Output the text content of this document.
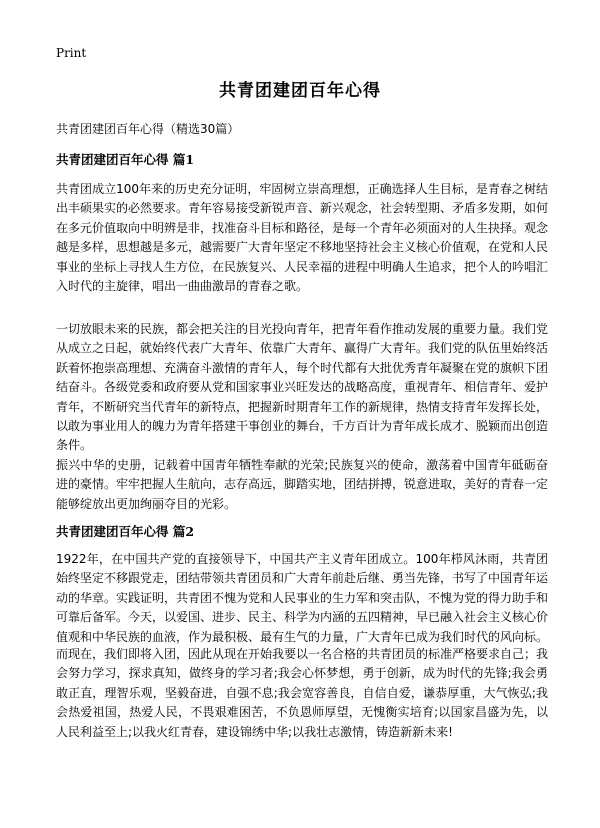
Print
共青团建团百年心得
共青团建团百年心得（精选30篇）
共青团建团百年心得 篇1

共青团成立100年来的历史充分证明，牢固树立崇高理想，正确选择人生目标，是青春之树结出丰硕果实的必然要求。青年容易接受新锐声音、新兴观念，社会转型期、矛盾多发期，如何在多元价值取向中明辨是非，找准奋斗目标和路径，是每一个青年必须面对的人生抉择。观念越是多样，思想越是多元，越需要广大青年坚定不移地坚持社会主义核心价值观，在党和人民事业的坐标上寻找人生方位，在民族复兴、人民幸福的进程中明确人生追求，把个人的吟唱汇入时代的主旋律，唱出一曲曲激昂的青春之歌。

一切放眼未来的民族，都会把关注的目光投向青年，把青年看作推动发展的重要力量。我们党从成立之日起，就始终代表广大青年、依靠广大青年、赢得广大青年。我们党的队伍里始终活跃着怀抱崇高理想、充满奋斗激情的青年人，每个时代都有大批优秀青年凝聚在党的旗帜下团结奋斗。各级党委和政府要从党和国家事业兴旺发达的战略高度，重视青年、相信青年、爱护青年，不断研究当代青年的新特点，把握新时期青年工作的新规律，热情支持青年发挥长处，以敢为事业用人的魄力为青年搭建干事创业的舞台，千方百计为青年成长成才、脱颖而出创造条件。

振兴中华的史册，记载着中国青年牺牲奉献的光荣;民族复兴的使命，激荡着中国青年砥砺奋进的豪情。牢牢把握人生航向，志存高远，脚踏实地，团结拼搏，锐意进取，美好的青春一定能够绽放出更加绚丽夺目的光彩。

共青团建团百年心得 篇2

1922年，在中国共产党的直接领导下，中国共产主义青年团成立。100年栉风沐雨，共青团始终坚定不移跟党走，团结带领共青团员和广大青年前赴后继、勇当先锋，书写了中国青年运动的华章。实践证明，共青团不愧为党和人民事业的生力军和突击队，不愧为党的得力助手和可靠后备军。今天，以爱国、进步、民主、科学为内涵的五四精神，早已融入社会主义核心价值观和中华民族的血液，作为最积极、最有生气的力量，广大青年已成为我们时代的风向标。

而现在，我们即将入团，因此从现在开始我要以一名合格的共青团员的标准严格要求自己；我会努力学习，探求真知，做终身的学习者;我会心怀梦想，勇于创新，成为时代的先锋;我会勇敢正直，理智乐观，坚毅奋进，自强不息;我会宽容善良，自信自爱，谦恭厚重，大气恢弘;我会热爱祖国，热爱人民，不畏艰难困苦，不负恩师厚望，无愧衡实培育;以国家昌盛为先，以人民利益至上;以我火红青春，建设锦绣中华;以我壮志激情，铸造新新未来!
